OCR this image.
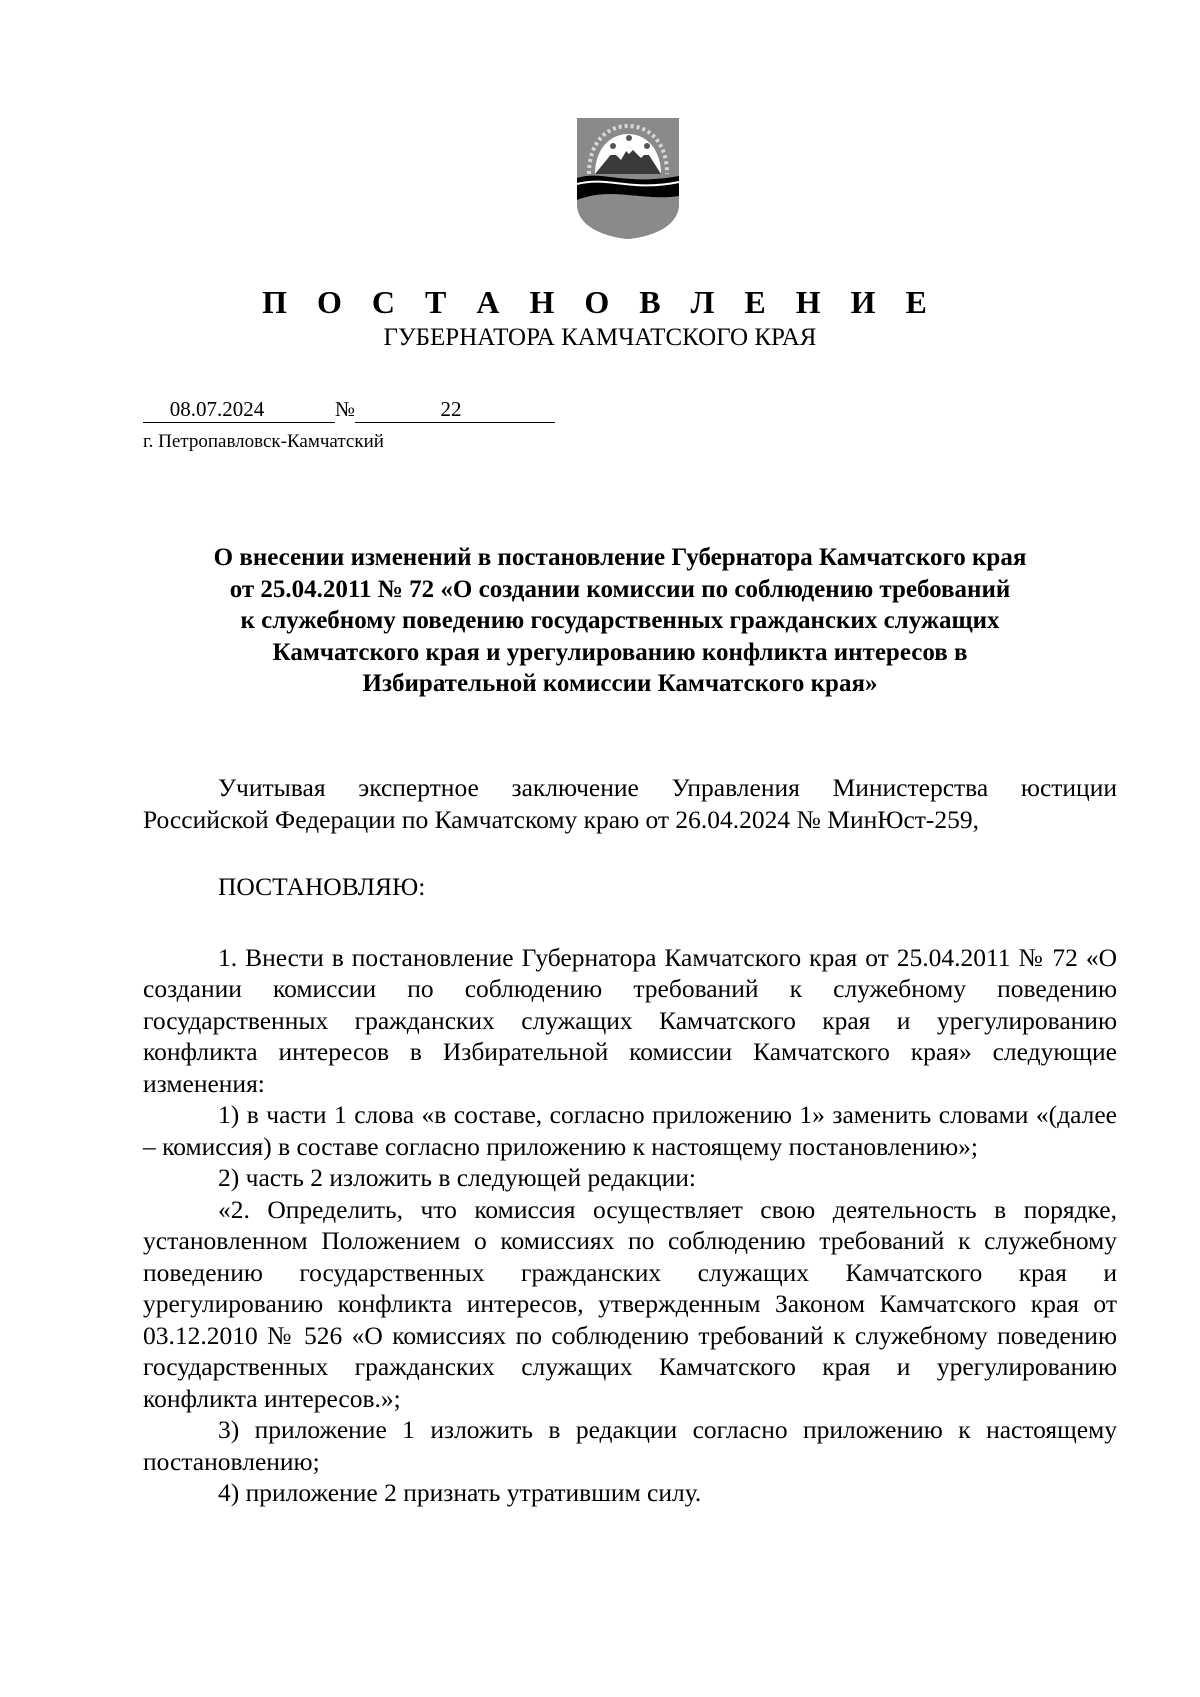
П О С Т А Н О В Л Е Н И Е
ГУБЕРНАТОРА КАМЧАТСКОГО КРАЯ
08.07.2024	№	22
г. Петропавловск-Камчатский
О внесении изменений в постановление Губернатора Камчатского края
от 25.04.2011 № 72 «О создании комиссии по соблюдению требований
к служебному поведению государственных гражданских служащих
Камчатского края и урегулированию конфликта интересов в
Избирательной комиссии Камчатского края»

Учитывая экспертное заключение Управления Министерства юстиции Российской Федерации по Камчатскому краю от 26.04.2024 № МинЮст-259,

ПОСТАНОВЛЯЮ:

1. Внести в постановление Губернатора Камчатского края от 25.04.2011 № 72 «О создании комиссии по соблюдению требований к служебному поведению государственных гражданских служащих Камчатского края и урегулированию конфликта интересов в Избирательной комиссии Камчатского края» следующие изменения:

1) в части 1 слова «в составе, согласно приложению 1» заменить словами «(далее – комиссия) в составе согласно приложению к настоящему постановлению»;

2) часть 2 изложить в следующей редакции:

«2. Определить, что комиссия осуществляет свою деятельность в порядке, установленном Положением о комиссиях по соблюдению требований к служебному поведению государственных гражданских служащих Камчатского края и урегулированию конфликта интересов, утвержденным Законом Камчатского края от 03.12.2010 № 526 «О комиссиях по соблюдению требований к служебному поведению государственных гражданских служащих Камчатского края и урегулированию конфликта интересов.»;

3) приложение 1 изложить в редакции согласно приложению к настоящему постановлению;

4) приложение 2 признать утратившим силу.
